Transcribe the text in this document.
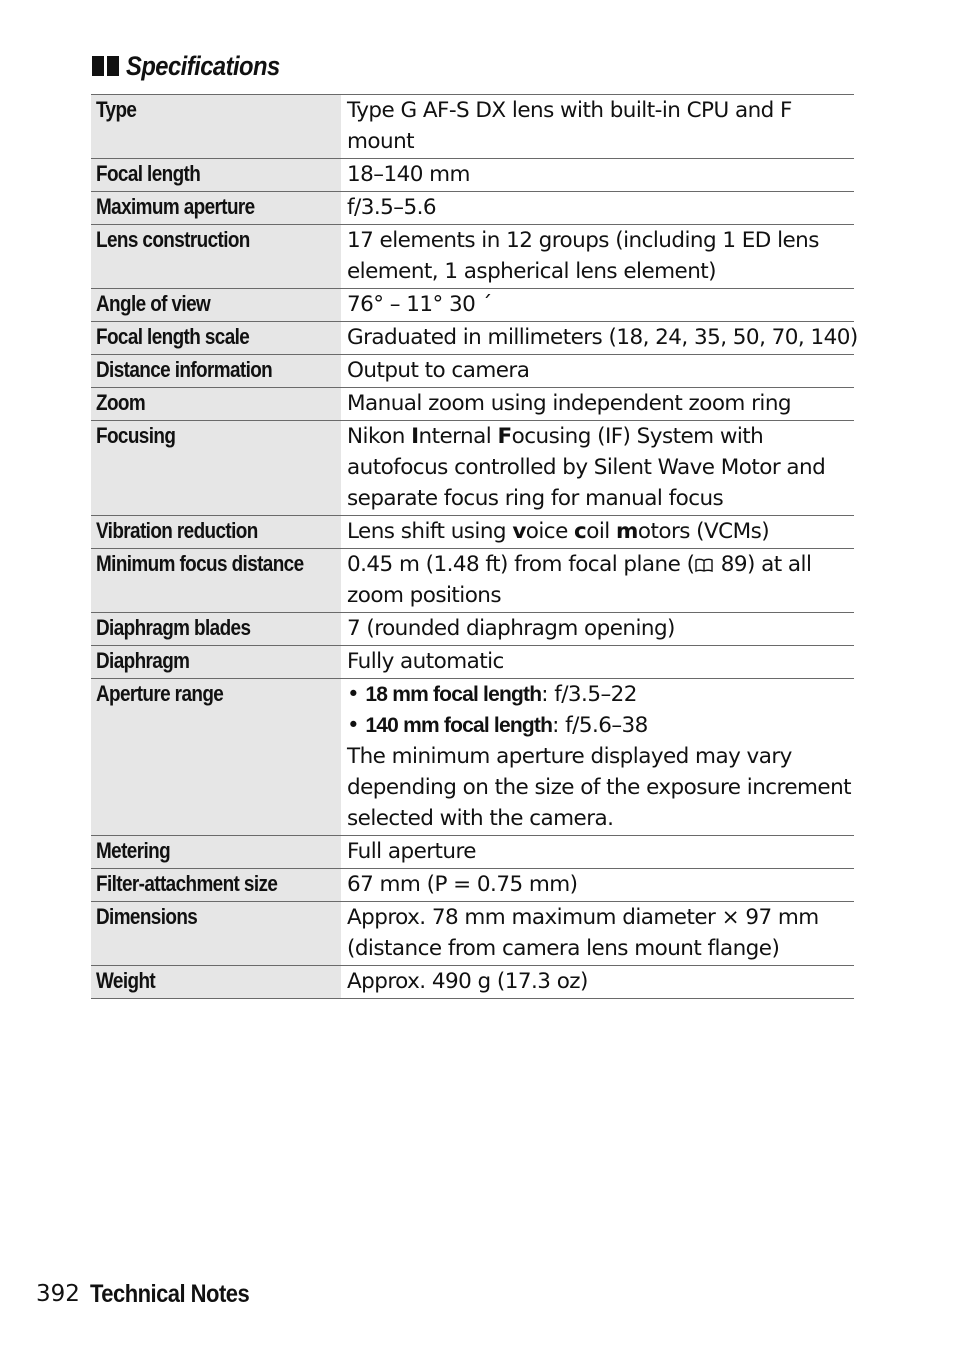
Specifications
Type	Type G AF-S DX lens with built-in CPU and F mount
Focal length	18–140 mm
Maximum aperture	f/3.5–5.6
Lens construction	17 elements in 12 groups (including 1 ED lens element, 1 aspherical lens element)
Angle of view	76° – 11° 30 ´
Focal length scale	Graduated in millimeters (18, 24, 35, 50, 70, 140)
Distance information	Output to camera
Zoom	Manual zoom using independent zoom ring
Focusing	Nikon Internal Focusing (IF) System with autofocus controlled by Silent Wave Motor and separate focus ring for manual focus
Vibration reduction	Lens shift using voice coil motors (VCMs)
Minimum focus distance	0.45 m (1.48 ft) from focal plane ( 89) at all zoom positions
Diaphragm blades	7 (rounded diaphragm opening)
Diaphragm	Fully automatic
Aperture range	• 18 mm focal length: f/3.5–22
• 140 mm focal length: f/5.6–38
The minimum aperture displayed may vary depending on the size of the exposure increment selected with the camera.
Metering	Full aperture
Filter-attachment size	67 mm (P = 0.75 mm)
Dimensions	Approx. 78 mm maximum diameter × 97 mm (distance from camera lens mount flange)
Weight	Approx. 490 g (17.3 oz)
392 Technical Notes
